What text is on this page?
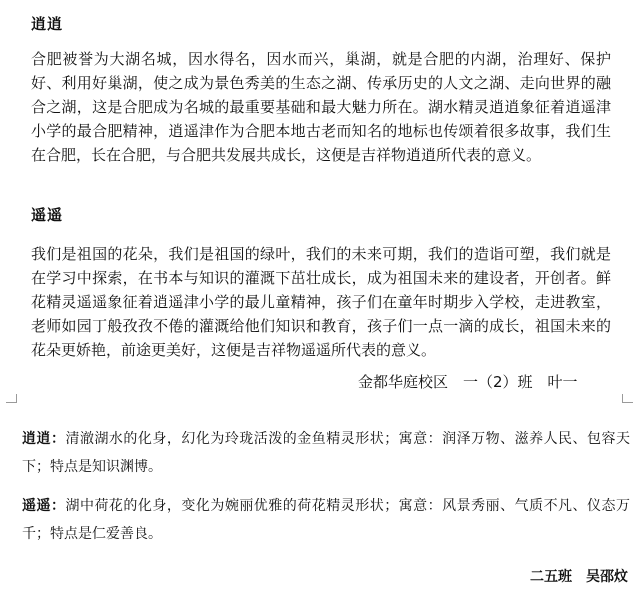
逍逍

合肥被誉为大湖名城，因水得名，因水而兴，巢湖，就是合肥的内湖，治理好、保护好、利用好巢湖，使之成为景色秀美的生态之湖、传承历史的人文之湖、走向世界的融合之湖，这是合肥成为名城的最重要基础和最大魅力所在。湖水精灵逍逍象征着逍遥津小学的最合肥精神，逍遥津作为合肥本地古老而知名的地标也传颂着很多故事，我们生在合肥，长在合肥，与合肥共发展共成长，这便是吉祥物逍逍所代表的意义。

遥遥

我们是祖国的花朵，我们是祖国的绿叶，我们的未来可期，我们的造诣可塑，我们就是在学习中探索，在书本与知识的灌溉下茁壮成长，成为祖国未来的建设者，开创者。鲜花精灵遥遥象征着逍遥津小学的最儿童精神，孩子们在童年时期步入学校，走进教室，老师如园丁般孜孜不倦的灌溉给他们知识和教育，孩子们一点一滴的成长，祖国未来的花朵更娇艳，前途更美好，这便是吉祥物遥遥所代表的意义。

金都华庭校区　一（2）班　叶一

逍逍：清澈湖水的化身，幻化为玲珑活泼的金鱼精灵形状；寓意：润泽万物、滋养人民、包容天下；特点是知识渊博。

遥遥：湖中荷花的化身，变化为婉丽优雅的荷花精灵形状；寓意：风景秀丽、气质不凡、仪态万千；特点是仁爱善良。

二五班　吴邵炆
